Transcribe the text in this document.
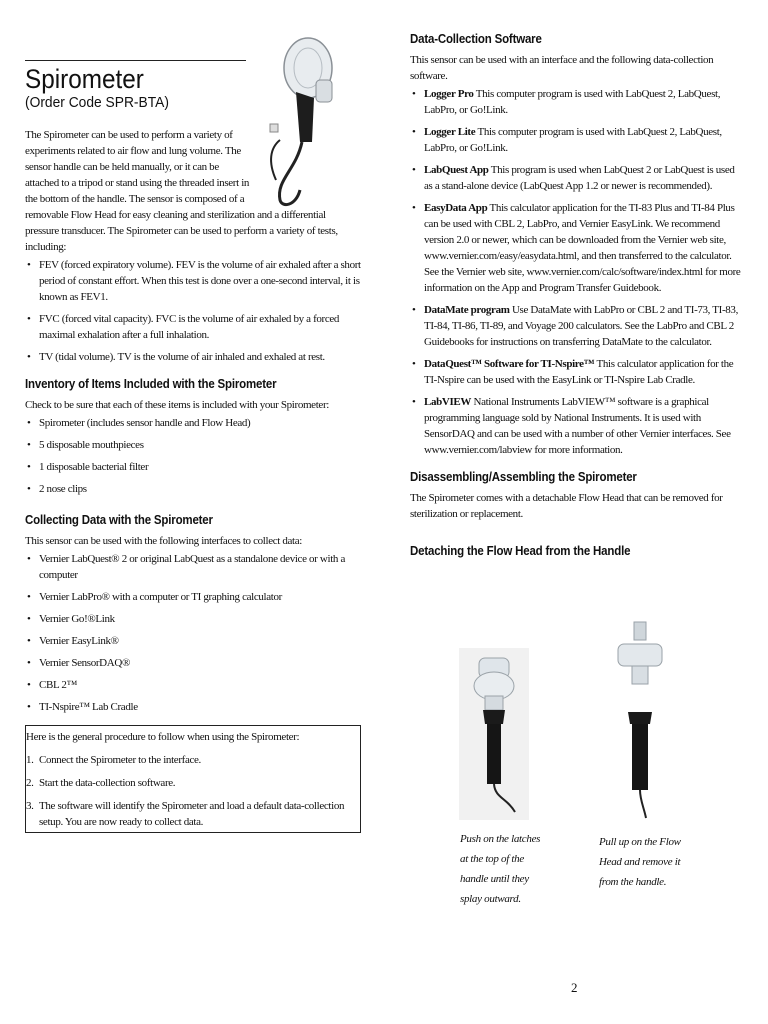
Spirometer
(Order Code SPR-BTA)

The Spirometer can be used to perform a variety of experiments related to air flow and lung volume. The sensor handle can be held manually, or it can be attached to a tripod or stand using the threaded insert in the bottom of the handle. The sensor is composed of a

removable Flow Head for easy cleaning and sterilization and a differential pressure transducer. The Spirometer can be used to perform a variety of tests, including:

• FEV (forced expiratory volume). FEV is the volume of air exhaled after a short period of constant effort. When this test is done over a one-second interval, it is known as FEV1.
• FVC (forced vital capacity). FVC is the volume of air exhaled by a forced maximal exhalation after a full inhalation.
• TV (tidal volume). TV is the volume of air inhaled and exhaled at rest.
Inventory of Items Included with the Spirometer

Check to be sure that each of these items is included with your Spirometer:

• Spirometer (includes sensor handle and Flow Head)
• 5 disposable mouthpieces
• 1 disposable bacterial filter
• 2 nose clips
Collecting Data with the Spirometer

This sensor can be used with the following interfaces to collect data:

• Vernier LabQuest® 2 or original LabQuest as a standalone device or with a computer
• Vernier LabPro® with a computer or TI graphing calculator
• Vernier Go!®Link
• Vernier EasyLink®
• Vernier SensorDAQ®
• CBL 2™
• TI-Nspire™ Lab Cradle

Here is the general procedure to follow when using the Spirometer:

1. Connect the Spirometer to the interface.
2. Start the data-collection software.
3. The software will identify the Spirometer and load a default data-collection setup. You are now ready to collect data.
Data-Collection Software

This sensor can be used with an interface and the following data-collection software.

• Logger Pro This computer program is used with LabQuest 2, LabQuest, LabPro, or Go!Link.
• Logger Lite This computer program is used with LabQuest 2, LabQuest, LabPro, or Go!Link.
• LabQuest App This program is used when LabQuest 2 or LabQuest is used as a stand-alone device (LabQuest App 1.2 or newer is recommended).
• EasyData App This calculator application for the TI-83 Plus and TI-84 Plus can be used with CBL 2, LabPro, and Vernier EasyLink. We recommend version 2.0 or newer, which can be downloaded from the Vernier web site, www.vernier.com/easy/easydata.html, and then transferred to the calculator. See the Vernier web site, www.vernier.com/calc/software/index.html for more information on the App and Program Transfer Guidebook.
• DataMate program Use DataMate with LabPro or CBL 2 and TI-73, TI-83, TI-84, TI-86, TI-89, and Voyage 200 calculators. See the LabPro and CBL 2 Guidebooks for instructions on transferring DataMate to the calculator.
• DataQuest™ Software for TI-Nspire™ This calculator application for the TI-Nspire can be used with the EasyLink or TI-Nspire Lab Cradle.
• LabVIEW National Instruments LabVIEW™ software is a graphical programming language sold by National Instruments. It is used with SensorDAQ and can be used with a number of other Vernier interfaces. See www.vernier.com/labview for more information.
Disassembling/Assembling the Spirometer

The Spirometer comes with a detachable Flow Head that can be removed for sterilization or replacement.

Detaching the Flow Head from the Handle
Push on the latches at the top of the handle until they splay outward.
Pull up on the Flow Head and remove it from the handle.
2
